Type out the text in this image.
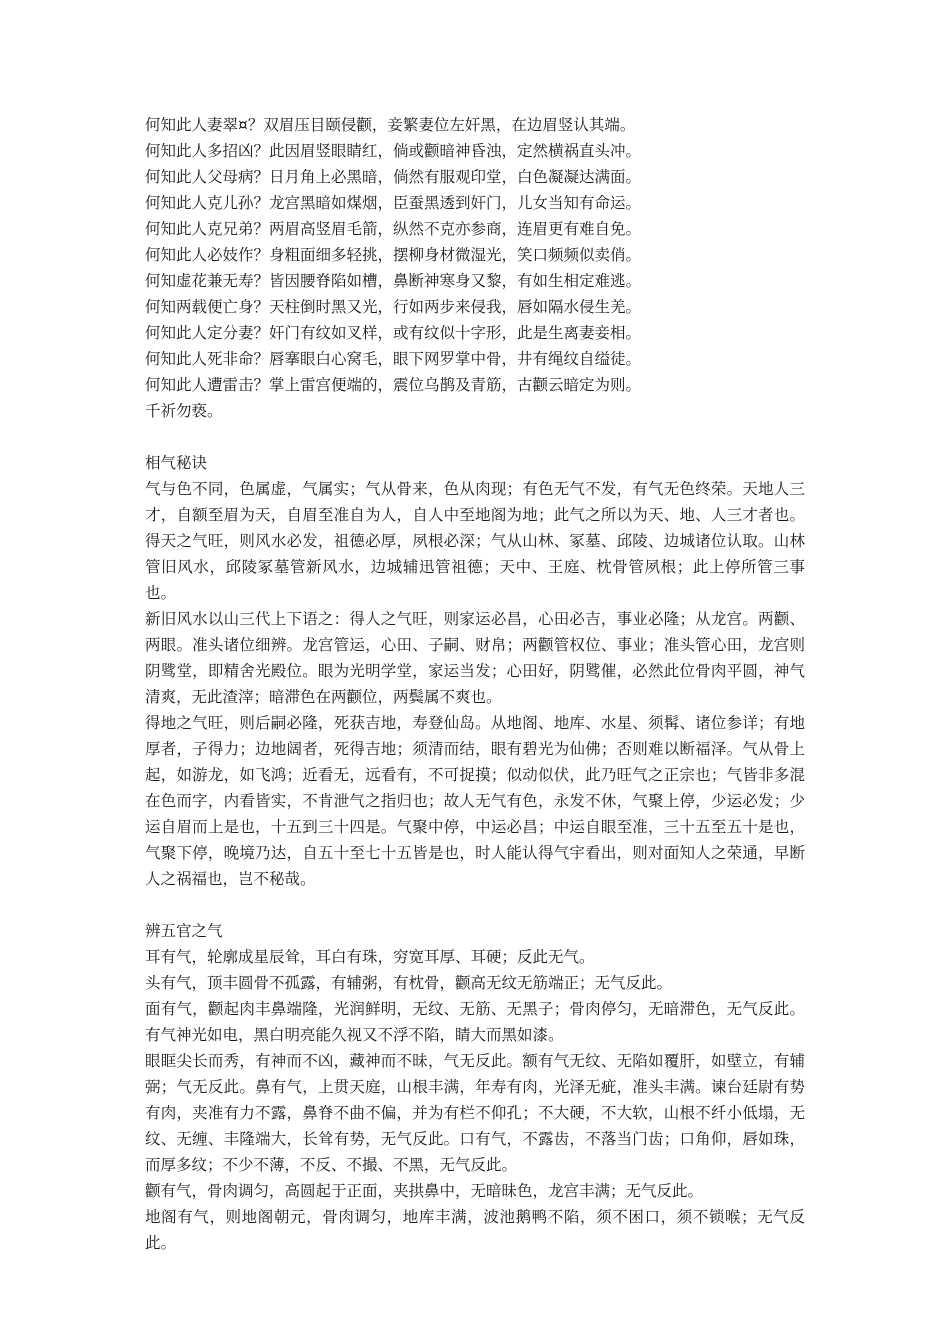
何知此人妻翠¤？双眉压目颐侵颧，妾繁妻位左奸黑，在边眉竖认其端。

何知此人多招凶？此因眉竖眼睛红，倘或颧暗神昏浊，定然横祸直头冲。

何知此人父母病？日月角上必黑暗，倘然有服观印堂，白色凝凝达满面。

何知此人克儿孙？龙宫黑暗如煤烟，臣蚕黑透到奸门，儿女当知有命运。

何知此人克兄弟？两眉高竖眉毛箭，纵然不克亦参商，连眉更有难自免。

何知此人必妓作？身粗面细多轻挑，摆柳身材微湿光，笑口频频似卖俏。

何知虚花兼无寿？皆因腰脊陷如槽，鼻断神寒身又黎，有如生相定难逃。

何知两载便亡身？天柱倒时黑又光，行如两步来侵我，唇如隔水侵生羌。

何知此人定分妻？奸门有纹如叉样，或有纹似十字形，此是生离妻妾相。

何知此人死非命？唇搴眼白心窝毛，眼下网罗掌中骨，井有绳纹自缢徒。

何知此人遭雷击？掌上雷宫便端的，震位乌鹊及青筋，古颧云暗定为则。

千祈勿亵。

相气秘诀

气与色不同，色属虚，气属实；气从骨来，色从肉现；有色无气不发，有气无色终荣。天地人三才，自额至眉为天，自眉至准自为人，自人中至地阁为地；此气之所以为天、地、人三才者也。得天之气旺，则风水必发，祖德必厚，夙根必深；气从山林、冢墓、邱陵、边城诸位认取。山林管旧风水，邱陵冢墓管新风水，边城辅迅管祖德；天中、王庭、枕骨管夙根；此上停所管三事也。

新旧风水以山三代上下语之：得人之气旺，则家运必昌，心田必吉，事业必隆；从龙宫。两颧、两眼。准头诸位细辨。龙宫管运，心田、子嗣、财帛；两颧管权位、事业；准头管心田，龙宫则阴骘堂，即精舍光殿位。眼为光明学堂，家运当发；心田好，阴骘催，必然此位骨肉平圆，神气清爽，无此渣滓；暗滞色在两颧位，两鬓属不爽也。

得地之气旺，则后嗣必隆，死获吉地，寿登仙岛。从地阁、地库、水星、须髯、诸位参详；有地厚者，子得力；边地阔者，死得吉地；须清而结，眼有碧光为仙佛；否则难以断福泽。气从骨上起，如游龙，如飞鸿；近看无，远看有，不可捉摸；似动似伏，此乃旺气之正宗也；气皆非多混在色而字，内看皆实，不肯泄气之指归也；故人无气有色，永发不休，气聚上停，少运必发；少运自眉而上是也，十五到三十四是。气聚中停，中运必昌；中运自眼至准，三十五至五十是也，气聚下停，晚境乃达，自五十至七十五皆是也，时人能认得气宇看出，则对面知人之荣通，早断人之祸福也，岂不秘哉。

辨五官之气

耳有气，轮廓成星辰耸，耳白有珠，穷宽耳厚、耳硬；反此无气。

头有气，顶丰圆骨不孤露，有辅粥，有枕骨，颧高无纹无筋端正；无气反此。

面有气，颧起肉丰鼻端隆，光润鲜明，无纹、无筋、无黑子；骨肉停匀，无暗滞色，无气反此。有气神光如电，黑白明亮能久视又不浮不陷，睛大而黑如漆。

眼眶尖长而秀，有神而不凶，藏神而不昧，气无反此。额有气无纹、无陷如覆肝，如壁立，有辅弼；气无反此。鼻有气，上贯天庭，山根丰满，年寿有肉，光泽无疵，准头丰满。谏台廷尉有势有肉，夹准有力不露，鼻脊不曲不偏，并为有栏不仰孔；不大硬，不大软，山根不纤小低塌，无纹、无缠、丰隆端大，长耸有势，无气反此。口有气，不露齿，不落当门齿；口角仰，唇如珠，而厚多纹；不少不薄，不反、不撮、不黑，无气反此。

颧有气，骨肉调匀，高圆起于正面，夹拱鼻中，无暗昧色，龙宫丰满；无气反此。

地阁有气，则地阁朝元，骨肉调匀，地库丰满，波池鹅鸭不陷，须不困口，须不锁喉；无气反此。
